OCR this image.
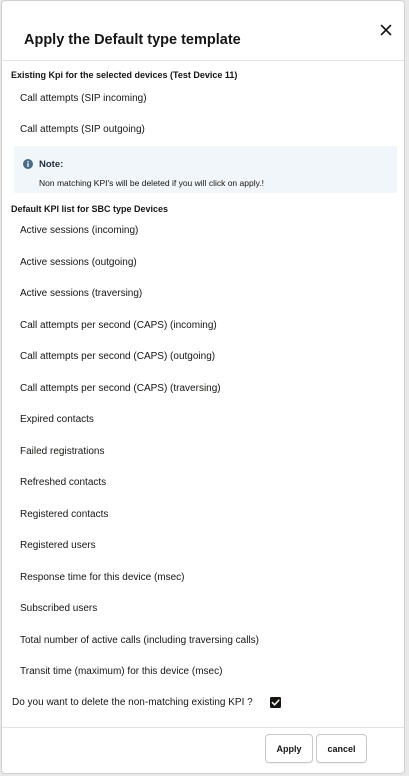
Apply the Default type template
Existing Kpi for the selected devices (Test Device 11)
Call attempts (SIP incoming)
Call attempts (SIP outgoing)
Note:
Non matching KPI's will be deleted if you will click on apply.!
Default KPI list for SBC type Devices
Active sessions (incoming)
Active sessions (outgoing)
Active sessions (traversing)
Call attempts per second (CAPS) (incoming)
Call attempts per second (CAPS) (outgoing)
Call attempts per second (CAPS) (traversing)
Expired contacts
Failed registrations
Refreshed contacts
Registered contacts
Registered users
Response time for this device (msec)
Subscribed users
Total number of active calls (including traversing calls)
Transit time (maximum) for this device (msec)
Do you want to delete the non-matching existing KPI ?
Apply	cancel
